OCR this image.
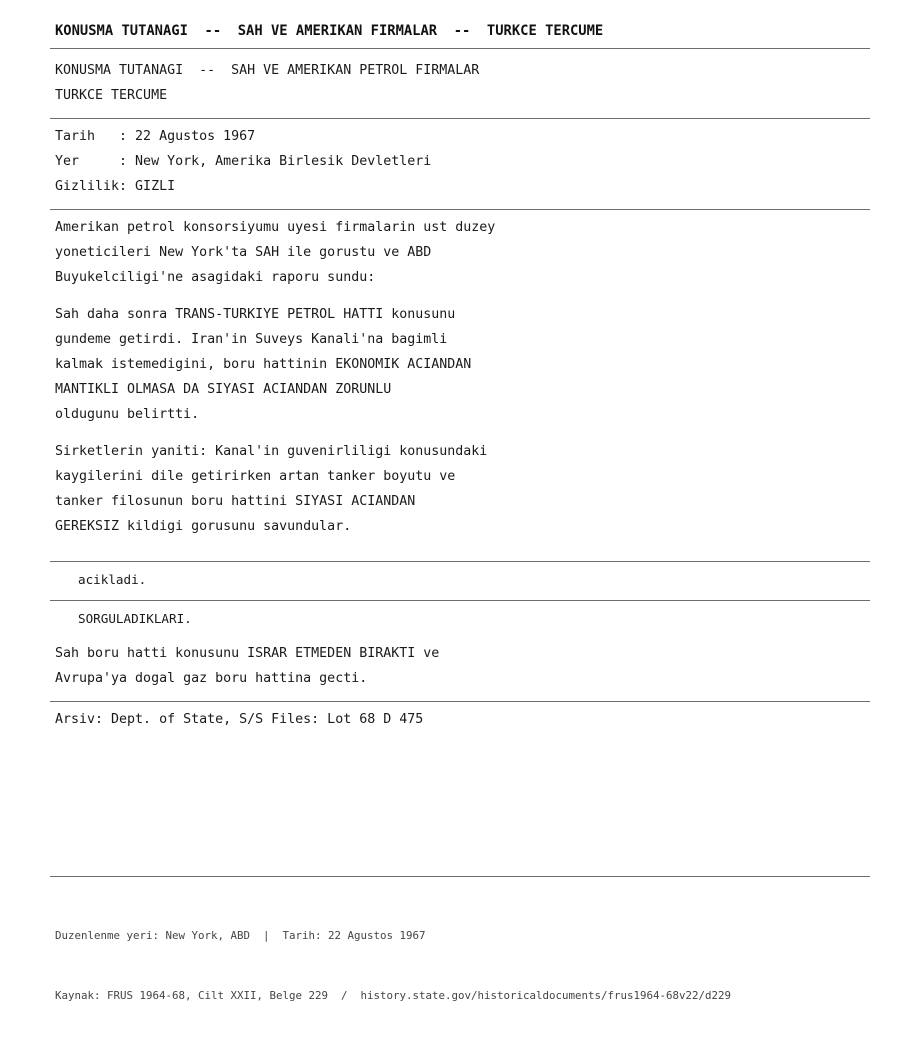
KONUSMA TUTANAGI  --  SAH VE AMERIKAN FIRMALAR  --  TURKCE TERCUME
KONUSMA TUTANAGI  --  SAH VE AMERIKAN PETROL FIRMALAR
TURKCE TERCUME
Tarih   : 22 Agustos 1967
Yer     : New York, Amerika Birlesik Devletleri
Gizlilik: GIZLI
Amerikan petrol konsorsiyumu uyesi firmalarin ust duzey
yoneticileri New York'ta SAH ile gorustu ve ABD
Buyukelciligi'ne asagidaki raporu sundu:
Sah daha sonra TRANS-TURKIYE PETROL HATTI konusunu
gundeme getirdi. Iran'in Suveys Kanali'na bagimli
kalmak istemedigini, boru hattinin EKONOMIK ACIANDAN
MANTIKLI OLMASA DA SIYASI ACIANDAN ZORUNLU
oldugunu belirtti.
Sirketlerin yaniti: Kanal'in guvenirliligi konusundaki
kaygilerini dile getirirken artan tanker boyutu ve
tanker filosunun boru hattini SIYASI ACIANDAN
GEREKSIZ kildigi gorusunu savundular.
acikladi.
SORGULADIKLARI.
Sah boru hatti konusunu ISRAR ETMEDEN BIRAKTI ve
Avrupa'ya dogal gaz boru hattina gecti.
Arsiv: Dept. of State, S/S Files: Lot 68 D 475

Duzenlenme yeri: New York, ABD  |  Tarih: 22 Agustos 1967

Kaynak: FRUS 1964-68, Cilt XXII, Belge 229  /  history.state.gov/historicaldocuments/frus1964-68v22/d229
